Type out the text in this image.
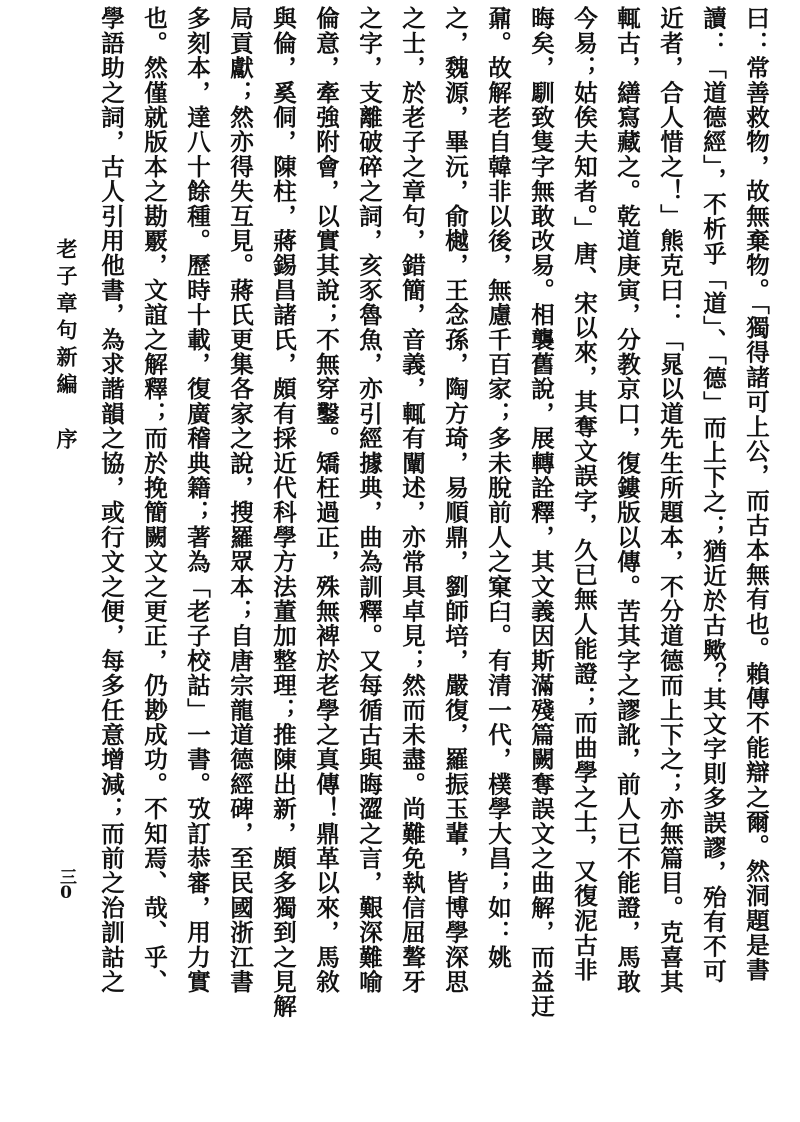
曰：常善救物，故無棄物。「獨得諸可上公，而古本無有也。賴傳不能辯之爾。然洞題是書
讀：「道德經」，不析乎「道」、「德」而上下之；猶近於古歟？其文字則多誤謬，殆有不可
近者，合人惜之！」熊克曰：「晁以道先生所題本，不分道德而上下之；亦無篇目。克喜其
輒古，繕寫藏之。乾道庚寅，分教京口，復鏤版以傳。苦其字之謬訛，前人已不能證，馬敢
今易；姑俟夫知者。」唐、宋以來，其奪文誤字，久已無人能證；而曲學之士，又復泥古非
晦矣，馴致隻字無敢改易。相襲舊說，展轉詮釋，其文義因斯滿殘篇闕奪誤文之曲解，而益迂
鼐。故解老自韓非以後，無慮千百家；多未脫前人之窠臼。有清一代，樸學大昌；如：姚
之，魏源，畢沅，俞樾，王念孫，陶方琦，易順鼎，劉師培，嚴復，羅振玉輩，皆博學深思
之士，於老子之章句，錯簡，音義，輒有闡述，亦常具卓見；然而未盡。尚難免執信屈聱牙
之字，支離破碎之詞，亥豕魯魚，亦引經據典，曲為訓釋。又每循古與晦澀之言，艱深難喻
倫意，牽強附會，以實其說；不無穿鑿。矯枉過正，殊無裨於老學之真傳！鼎革以來，馬敘
與倫，奚侗，陳柱，蔣錫昌諸氏，頗有採近代科學方法董加整理；推陳出新，頗多獨到之見解
局貢獻；然亦得失互見。蔣氏更集各家之說，搜羅眾本；自唐宗龍道德經碑，至民國浙江書
多刻本，達八十餘種。歷時十載，復廣稽典籍；著為「老子校詁」一書。攷訂恭審，用力實
也。然僅就版本之勘覈，文誼之解釋；而於挽簡闕文之更正，仍尠成功。不知焉、哉、乎、
學語助之詞，古人引用他書，為求諧韻之協，或行文之便，每多任意增減；而前之治訓詁之
老子章句新編
序
三0
